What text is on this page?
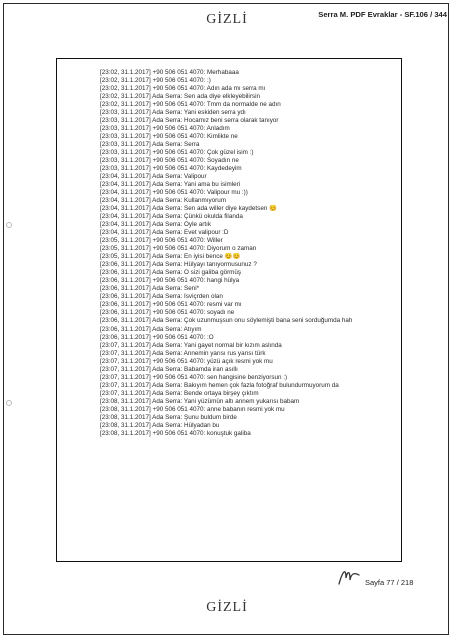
GİZLİ	Serra M. PDF Evraklar - SF.106 / 344
[23:02, 31.1.2017] +90 506 051 4070: Merhabaaa
[23:02, 31.1.2017] +90 506 051 4070: :)
[23:02, 31.1.2017] +90 506 051 4070: Adın ada mı serra mı
[23:02, 31.1.2017] Ada Serra: Sen ada diye elkleyebilirsin
[23:02, 31.1.2017] +90 506 051 4070: Tmm da normalde ne adın
[23:03, 31.1.2017] Ada Serra: Yani eskiden serra ydı
[23:03, 31.1.2017] Ada Serra: Hocamız beni serra olarak tanıyor
[23:03, 31.1.2017] +90 506 051 4070: Anladım
[23:03, 31.1.2017] +90 506 051 4070: Kimlikte ne
[23:03, 31.1.2017] Ada Serra: Serra
[23:03, 31.1.2017] +90 506 051 4070: Çok güzel isim :)
[23:03, 31.1.2017] +90 506 051 4070: Soyadın ne
[23:03, 31.1.2017] +90 506 051 4070: Kaydedeyim
[23:04, 31.1.2017] Ada Serra: Valipour
[23:04, 31.1.2017] Ada Serra: Yani ama bu isimleri
[23:04, 31.1.2017] +90 506 051 4070: Valipour mu :))
[23:04, 31.1.2017] Ada Serra: Kullanmıyorum
[23:04, 31.1.2017] Ada Serra: Sen ada willer diye kaydetsen 😊
[23:04, 31.1.2017] Ada Serra: Çünkü okulda filanda
[23:04, 31.1.2017] Ada Serra: Öyle artık
[23:04, 31.1.2017] Ada Serra: Evet valipour :D
[23:05, 31.1.2017] +90 506 051 4070: Willer
[23:05, 31.1.2017] +90 506 051 4070: Diyorum o zaman
[23:05, 31.1.2017] Ada Serra: En iyisi bence 😊😊
[23:06, 31.1.2017] Ada Serra: Hülyayı tanıyormusunuz ?
[23:06, 31.1.2017] Ada Serra: O sizi galiba görmüş
[23:06, 31.1.2017] +90 506 051 4070: hangi hülya
[23:06, 31.1.2017] Ada Serra: Seni*
[23:06, 31.1.2017] Ada Serra: İsviçrden olan
[23:06, 31.1.2017] +90 506 051 4070: resmi var mı
[23:06, 31.1.2017] +90 506 051 4070: soyadı ne
[23:06, 31.1.2017] Ada Serra: Çok uzunmuşsun onu söylemişti bana seni sorduğumda hah
[23:06, 31.1.2017] Ada Serra: Atıyım
[23:06, 31.1.2017] +90 506 051 4070: :O
[23:07, 31.1.2017] Ada Serra: Yani gayet normal bir kızım aslında
[23:07, 31.1.2017] Ada Serra: Annemin yarısı rus yarısı türk
[23:07, 31.1.2017] +90 506 051 4070: yüzü açık resmi yok mu
[23:07, 31.1.2017] Ada Serra: Babamda iran asıllı
[23:07, 31.1.2017] +90 506 051 4070: sen hangisine benziyorsun :)
[23:07, 31.1.2017] Ada Serra: Bakıyım hemen çok fazla fotoğraf bulundurmuyorum da
[23:07, 31.1.2017] Ada Serra: Bende ortaya birşey çıktım
[23:08, 31.1.2017] Ada Serra: Yani yüzümün altı annem yukarısı babam
[23:08, 31.1.2017] +90 506 051 4070: anne babanın resmi yok mu
[23:08, 31.1.2017] Ada Serra: Şunu buldum birde
[23:08, 31.1.2017] Ada Serra: Hülyadan bu
[23:08, 31.1.2017] +90 506 051 4070: konuştuk galiba
Sayfa 77 / 218
GİZLİ
